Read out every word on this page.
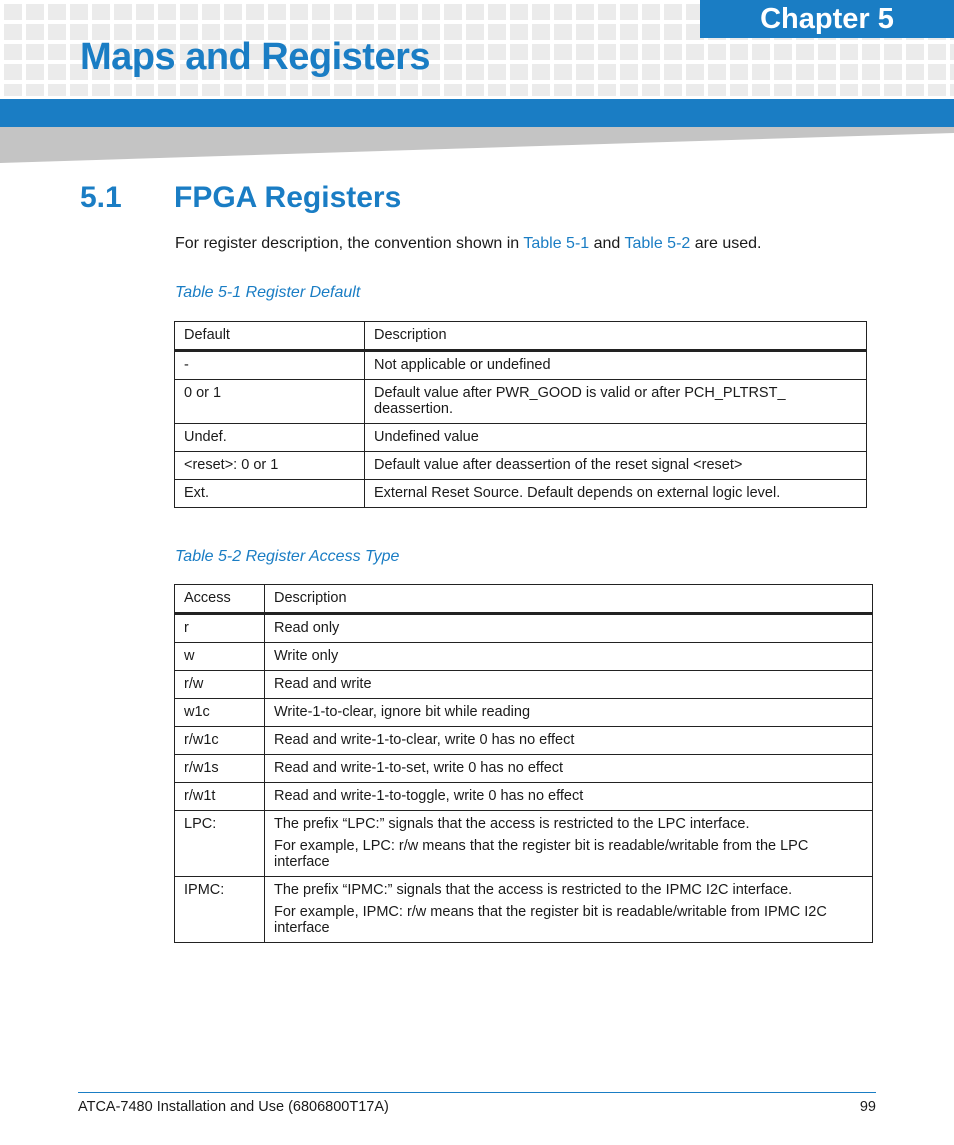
Chapter 5
Maps and Registers
5.1 FPGA Registers

For register description, the convention shown in Table 5-1 and Table 5-2 are used.

Table 5-1 Register Default
Default	Description
-	Not applicable or undefined
0 or 1	Default value after PWR_GOOD is valid or after PCH_PLTRST_ deassertion.
Undef.	Undefined value
<reset>: 0 or 1	Default value after deassertion of the reset signal <reset>
Ext.	External Reset Source. Default depends on external logic level.
Table 5-2 Register Access Type
Access	Description
r	Read only
w	Write only
r/w	Read and write
w1c	Write-1-to-clear, ignore bit while reading
r/w1c	Read and write-1-to-clear, write 0 has no effect
r/w1s	Read and write-1-to-set, write 0 has no effect
r/w1t	Read and write-1-to-toggle, write 0 has no effect
LPC:	The prefix “LPC:” signals that the access is restricted to the LPC interface.

For example, LPC: r/w means that the register bit is readable/writable from the LPC interface

IPMC:	The prefix “IPMC:” signals that the access is restricted to the IPMC I2C interface.

For example, IPMC: r/w means that the register bit is readable/writable from IPMC I2C interface

ATCA-7480 Installation and Use (6806800T17A)	99
